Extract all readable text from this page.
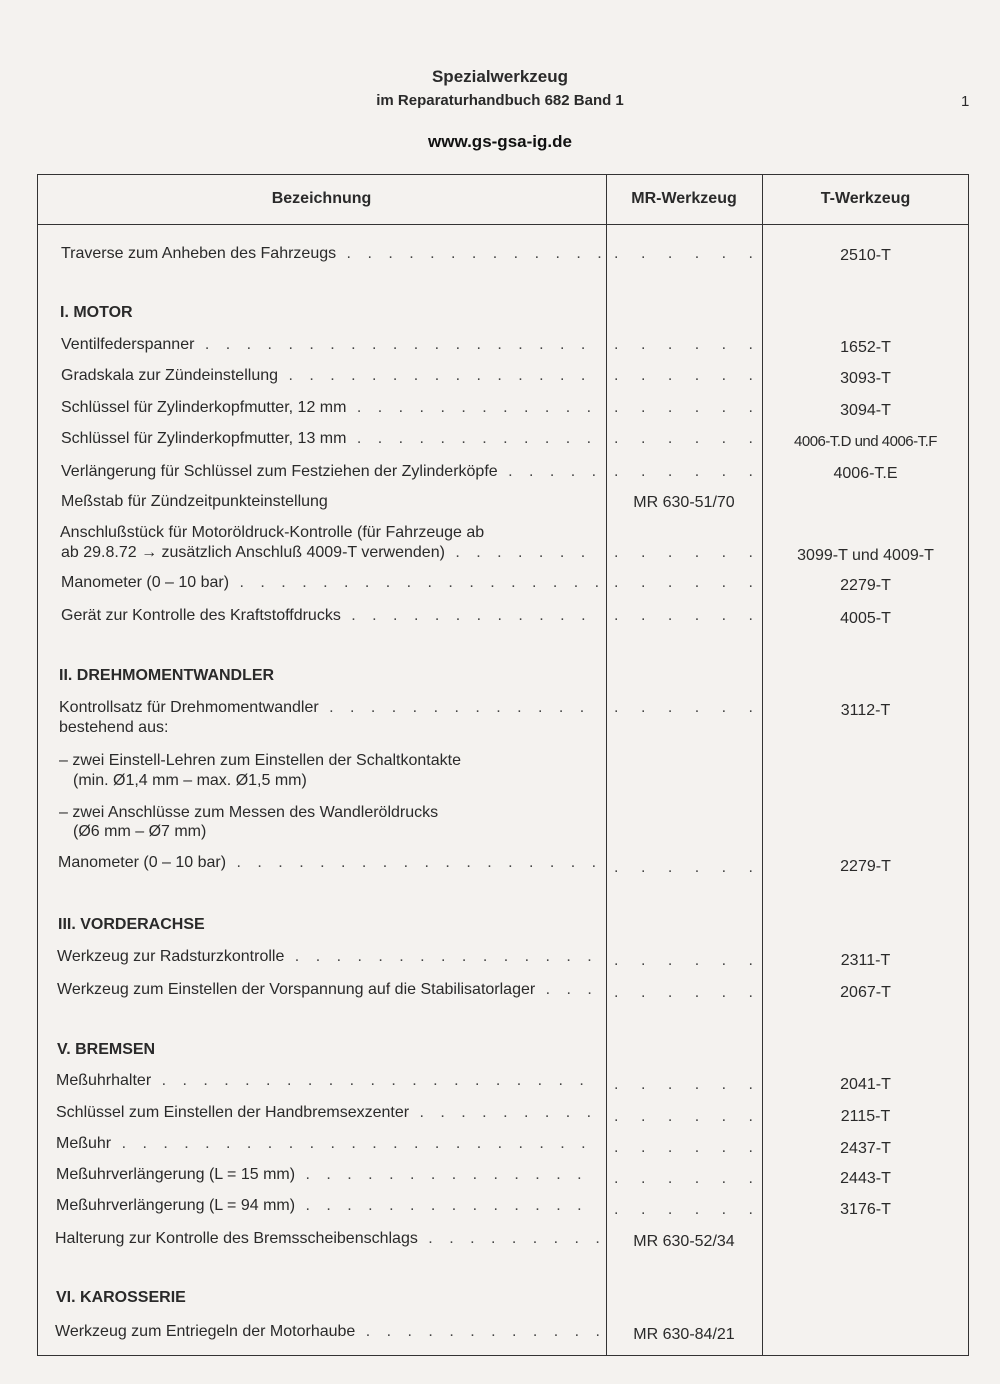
Spezialwerkzeug
im Reparaturhandbuch 682 Band 1
www.gs-gsa-ig.de
1
Bezeichnung	MR-Werkzeug	T-Werkzeug
Traverse zum Anheben des Fahrzeugs . . .	. . . . . .	2510-T
I. MOTOR
Ventilfederspanner . . .	. . . . . .	1652-T
Gradskala zur Zündeinstellung . . .	. . . . . .	3093-T
Schlüssel für Zylinderkopfmutter, 12 mm . . .	. . . . . .	3094-T
Schlüssel für Zylinderkopfmutter, 13 mm . . .	. . . . . .	4006-T.D und 4006-T.F
Verlängerung für Schlüssel zum Festziehen der Zylinderköpfe . . .	. . . . . .	4006-T.E
Meßstab für Zündzeitpunkteinstellung	MR 630-51/70
Anschlußstück für Motoröldruck-Kontrolle (für Fahrzeuge ab
ab 29.8.72 → zusätzlich Anschluß 4009-T verwenden) . . .	. . . . . .	3099-T und 4009-T
Manometer (0 – 10 bar) . . .	. . . . . .	2279-T
Gerät zur Kontrolle des Kraftstoffdrucks . . .	. . . . . .	4005-T
II. DREHMOMENTWANDLER
Kontrollsatz für Drehmomentwandler . . .	. . . . . .	3112-T
bestehend aus:
– zwei Einstell-Lehren zum Einstellen der Schaltkontakte
(min. Ø1,4 mm – max. Ø1,5 mm)
– zwei Anschlüsse zum Messen des Wandleröldrucks
(Ø6 mm – Ø7 mm)
Manometer (0 – 10 bar) . . .	. . . . . .	2279-T
III. VORDERACHSE
Werkzeug zur Radsturzkontrolle . . .	. . . . . .	2311-T
Werkzeug zum Einstellen der Vorspannung auf die Stabilisatorlager . . .	. . . . . .	2067-T
V. BREMSEN
Meßuhrhalter . . .	. . . . . .	2041-T
Schlüssel zum Einstellen der Handbremsexzenter . . .	. . . . . .	2115-T
Meßuhr . . .	. . . . . .	2437-T
Meßuhrverlängerung (L = 15 mm) . . .	. . . . . .	2443-T
Meßuhrverlängerung (L = 94 mm) . . .	. . . . . .	3176-T
Halterung zur Kontrolle des Bremsscheibenschlags . . .	MR 630-52/34
VI. KAROSSERIE
Werkzeug zum Entriegeln der Motorhaube . . .	MR 630-84/21
